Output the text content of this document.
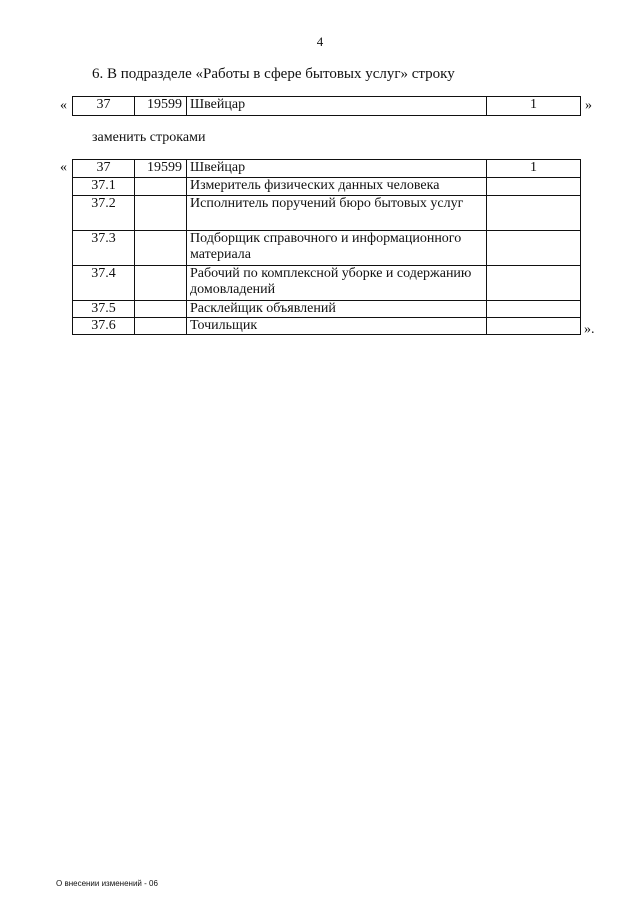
4
6. В подразделе «Работы в сфере бытовых услуг» строку
« 37	19599	Швейцар	1	»
заменить строками
« 37	19599	Швейцар	1
37.1		Измеритель физических данных человека	
37.2		Исполнитель поручений бюро бытовых услуг	
37.3		Подборщик справочного и информационного материала	
37.4		Рабочий по комплексной уборке и содержанию домовладений	
37.5		Расклейщик объявлений	
37.6		Точильщик		».
О внесении изменений - 06
